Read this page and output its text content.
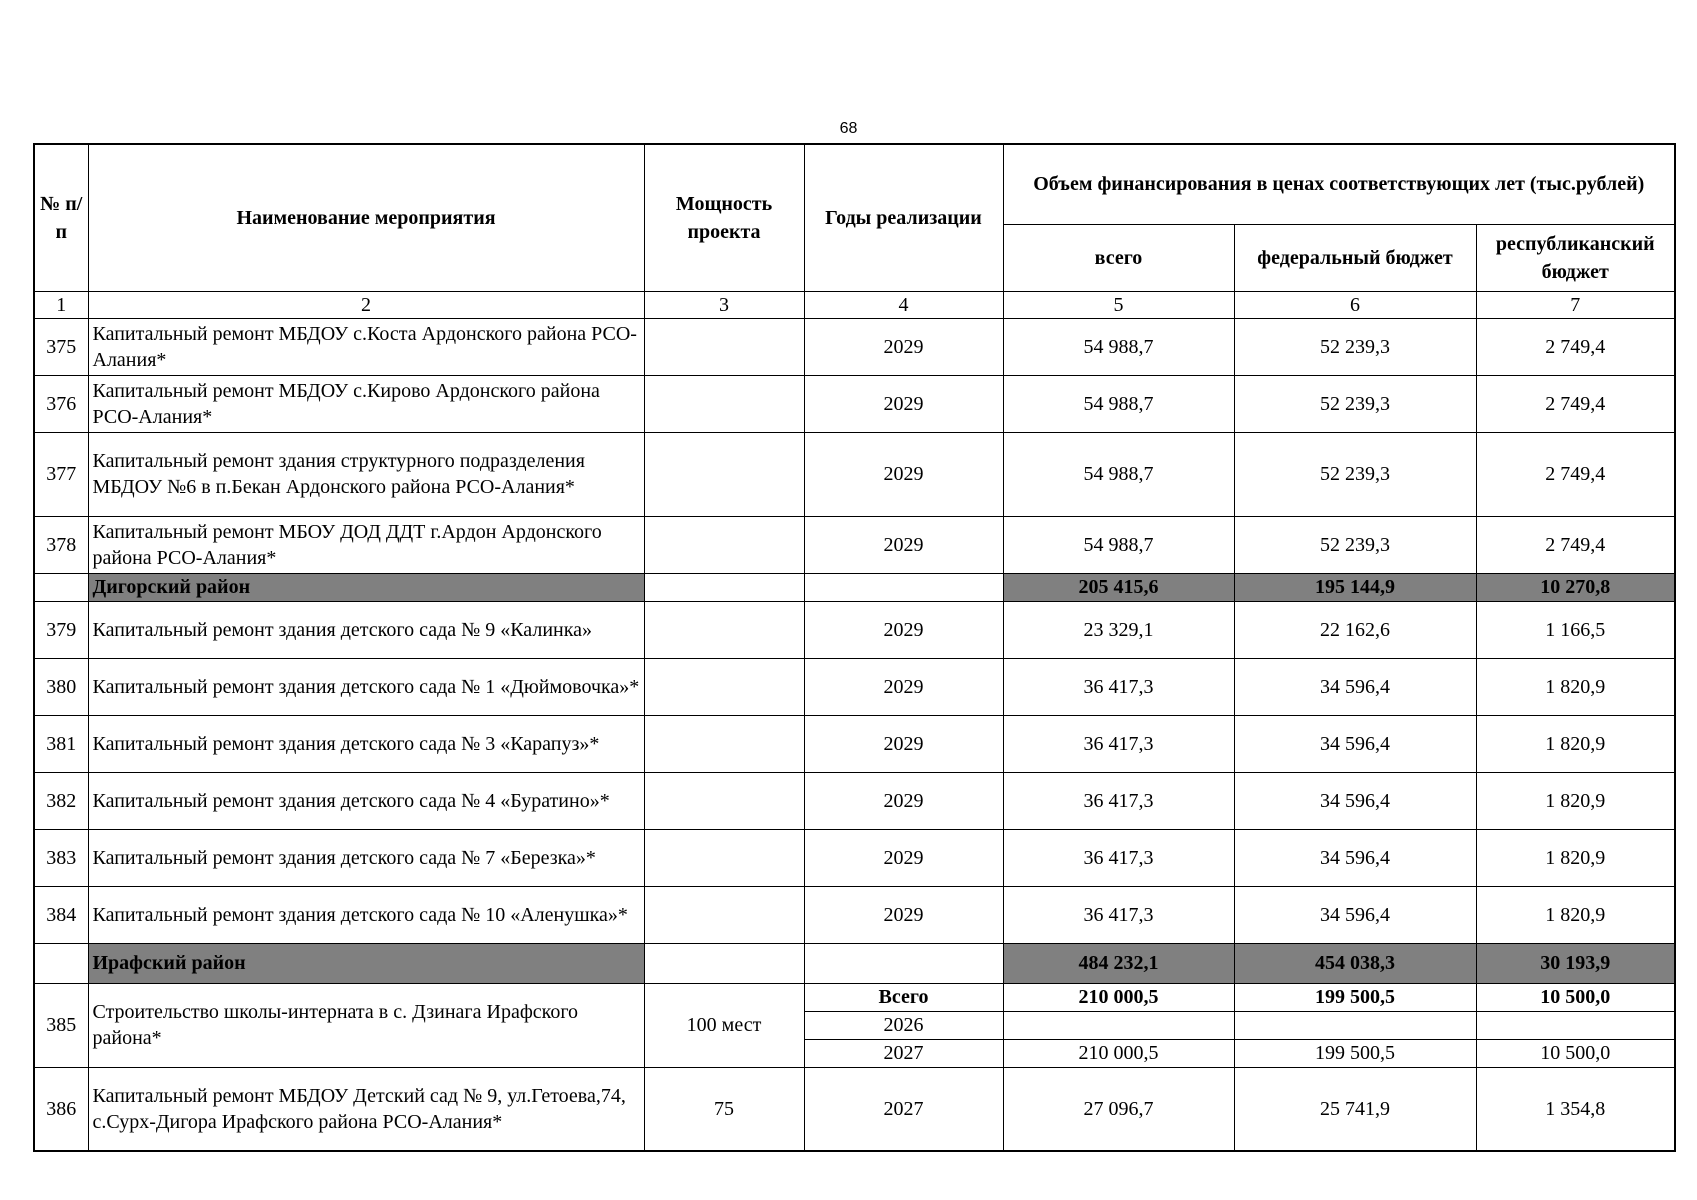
68
№ п/п	Наименование мероприятия	Мощность проекта	Годы реализации	Объем финансирования в ценах соответствующих лет (тыс.рублей)		
				всего	федеральный бюджет	республиканский бюджет
1	2	3	4	5	6	7
375	Капитальный ремонт МБДОУ с.Коста Ардонского района РСО-Алания*		2029	54 988,7	52 239,3	2 749,4
376	Капитальный ремонт МБДОУ с.Кирово Ардонского района РСО-Алания*		2029	54 988,7	52 239,3	2 749,4
377	Капитальный ремонт здания структурного подразделения МБДОУ №6 в п.Бекан Ардонского района РСО-Алания*		2029	54 988,7	52 239,3	2 749,4
378	Капитальный ремонт МБОУ ДОД ДДТ г.Ардон Ардонского района РСО-Алания*		2029	54 988,7	52 239,3	2 749,4
	Дигорский район			205 415,6	195 144,9	10 270,8
379	Капитальный ремонт здания детского сада № 9 «Калинка»		2029	23 329,1	22 162,6	1 166,5
380	Капитальный ремонт здания детского сада № 1 «Дюймовочка»*		2029	36 417,3	34 596,4	1 820,9
381	Капитальный ремонт здания детского сада № 3 «Карапуз»*		2029	36 417,3	34 596,4	1 820,9
382	Капитальный ремонт здания детского сада № 4 «Буратино»*		2029	36 417,3	34 596,4	1 820,9
383	Капитальный ремонт здания детского сада № 7 «Березка»*		2029	36 417,3	34 596,4	1 820,9
384	Капитальный ремонт здания детского сада № 10 «Аленушка»*		2029	36 417,3	34 596,4	1 820,9
	Ирафский район			484 232,1	454 038,3	30 193,9
385	Строительство школы-интерната в с. Дзинага Ирафского района*	100 мест	Всего	210 000,5	199 500,5	10 500,0
			2026			
			2027	210 000,5	199 500,5	10 500,0
386	Капитальный ремонт МБДОУ Детский сад № 9, ул.Гетоева,74, с.Сурх-Дигора Ирафского района РСО-Алания*	75	2027	27 096,7	25 741,9	1 354,8
